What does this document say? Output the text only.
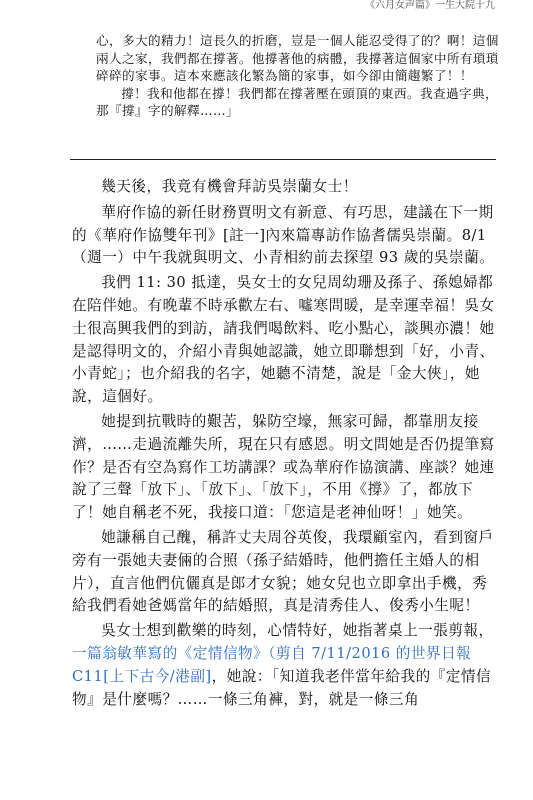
《六月女声篇》一生大院十九

心，多大的精力！這長久的折磨，豈是一個人能忍受得了的？啊！這個兩人之家，我們都在撐著。他撐著他的病體，我撐著這個家中所有瑣瑣碎碎的家事。這本來應該化繁為簡的家事，如今卻由簡趨繁了！！

撐！我和他都在撐！我們都在撐著壓在頭頂的東西。我查過字典，那『撐』字的解釋……」

幾天後，我竟有機會拜訪吳崇蘭女士！

華府作協的新任財務賈明文有新意、有巧思，建議在下一期的《華府作協雙年刊》[註一]內來篇專訪作協耆儒吳崇蘭。8/1（週一）中午我就與明文、小青相約前去探望 93 歲的吳崇蘭。

我們 11: 30 抵達，吳女士的女兒周幼珊及孫子、孫媳婦都在陪伴她。有晚輩不時承歡左右、噓寒問暖，是幸運幸福！吳女士很高興我們的到訪，請我們喝飲料、吃小點心，談興亦濃！她是認得明文的，介紹小青與她認識，她立即聯想到「好，小青、小青蛇」；也介紹我的名字，她聽不清楚，說是「金大俠」，她說，這個好。

她提到抗戰時的艱苦，躲防空壕，無家可歸，都靠朋友接濟，……走過流離失所，現在只有感恩。明文問她是否仍提筆寫作？是否有空為寫作工坊講課？或為華府作協演講、座談？她連說了三聲「放下」、「放下」、「放下」，不用《撐》了，都放下了！她自稱老不死，我接口道：「您這是老神仙呀！」她笑。

她謙稱自己醜，稱許丈夫周谷英俊，我環顧室內，看到窗戶旁有一張她夫妻倆的合照（孫子結婚時，他們擔任主婚人的相片），直言他們伉儷真是郎才女貌；她女兒也立即拿出手機，秀給我們看她爸媽當年的結婚照，真是清秀佳人、俊秀小生呢！

吳女士想到歡樂的時刻，心情特好，她指著桌上一張剪報，一篇翁敏華寫的《定情信物》（剪自 7/11/2016 的世界日報 C11[上下古今/港副]，她說：「知道我老伴當年給我的『定情信物』是什麼嗎？……一條三角褲，對，就是一條三角
